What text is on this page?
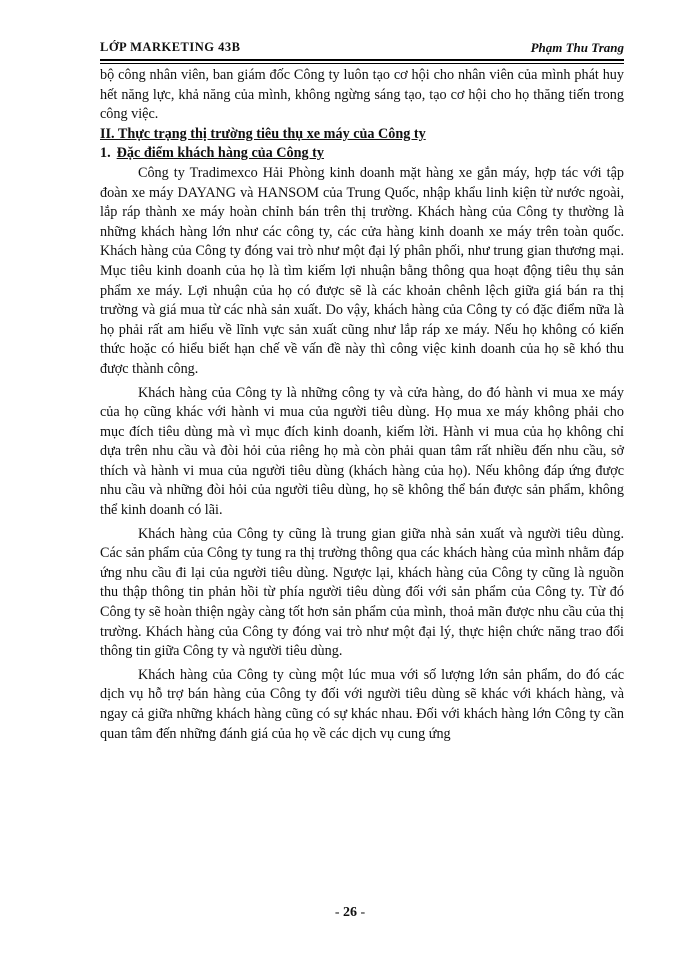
LỚP MARKETING 43B	Phạm Thu Trang

bộ công nhân viên, ban giám đốc Công ty luôn tạo cơ hội cho nhân viên của mình phát huy hết năng lực, khả năng của mình, không ngừng sáng tạo, tạo cơ hội cho họ thăng tiến trong công việc.

II. Thực trạng thị trường tiêu thụ xe máy của Công ty

1. Đặc điểm khách hàng của Công ty

Công ty Tradimexco Hải Phòng kinh doanh mặt hàng xe gắn máy, hợp tác với tập đoàn xe máy DAYANG và HANSOM của Trung Quốc, nhập khẩu linh kiện từ nước ngoài, lắp ráp thành xe máy hoàn chỉnh bán trên thị trường. Khách hàng của Công ty thường là những khách hàng lớn như các công ty, các cửa hàng kinh doanh xe máy trên toàn quốc. Khách hàng của Công ty đóng vai trò như một đại lý phân phối, như trung gian thương mại. Mục tiêu kinh doanh của họ là tìm kiếm lợi nhuận bằng thông qua hoạt động tiêu thụ sản phẩm xe máy. Lợi nhuận của họ có được sẽ là các khoản chênh lệch giữa giá bán ra thị trường và giá mua từ các nhà sản xuất. Do vậy, khách hàng của Công ty có đặc điểm nữa là họ phải rất am hiểu về lĩnh vực sản xuất cũng như lắp ráp xe máy. Nếu họ không có kiến thức hoặc có hiểu biết hạn chế về vấn đề này thì công việc kinh doanh của họ sẽ khó thu được thành công.

Khách hàng của Công ty là những công ty và cửa hàng, do đó hành vi mua xe máy của họ cũng khác với hành vi mua của người tiêu dùng. Họ mua xe máy không phải cho mục đích tiêu dùng mà vì mục đích kinh doanh, kiếm lời. Hành vi mua của họ không chỉ dựa trên nhu cầu và đòi hỏi của riêng họ mà còn phải quan tâm rất nhiều đến nhu cầu, sở thích và hành vi mua của người tiêu dùng (khách hàng của họ). Nếu không đáp ứng được nhu cầu và những đòi hỏi của người tiêu dùng, họ sẽ không thể bán được sản phẩm, không thể kinh doanh có lãi.

Khách hàng của Công ty cũng là trung gian giữa nhà sản xuất và người tiêu dùng. Các sản phẩm của Công ty tung ra thị trường thông qua các khách hàng của mình nhằm đáp ứng nhu cầu đi lại của người tiêu dùng. Ngược lại, khách hàng của Công ty cũng là nguồn thu thập thông tin phản hồi từ phía người tiêu dùng đối với sản phẩm của Công ty. Từ đó Công ty sẽ hoàn thiện ngày càng tốt hơn sản phẩm của mình, thoả mãn được nhu cầu của thị trường. Khách hàng của Công ty đóng vai trò như một đại lý, thực hiện chức năng trao đổi thông tin giữa Công ty và người tiêu dùng.

Khách hàng của Công ty cùng một lúc mua với số lượng lớn sản phẩm, do đó các dịch vụ hỗ trợ bán hàng của Công ty đối với người tiêu dùng sẽ khác với khách hàng, và ngay cả giữa những khách hàng cũng có sự khác nhau. Đối với khách hàng lớn Công ty cần quan tâm đến những đánh giá của họ về các dịch vụ cung ứng

- 26 -
